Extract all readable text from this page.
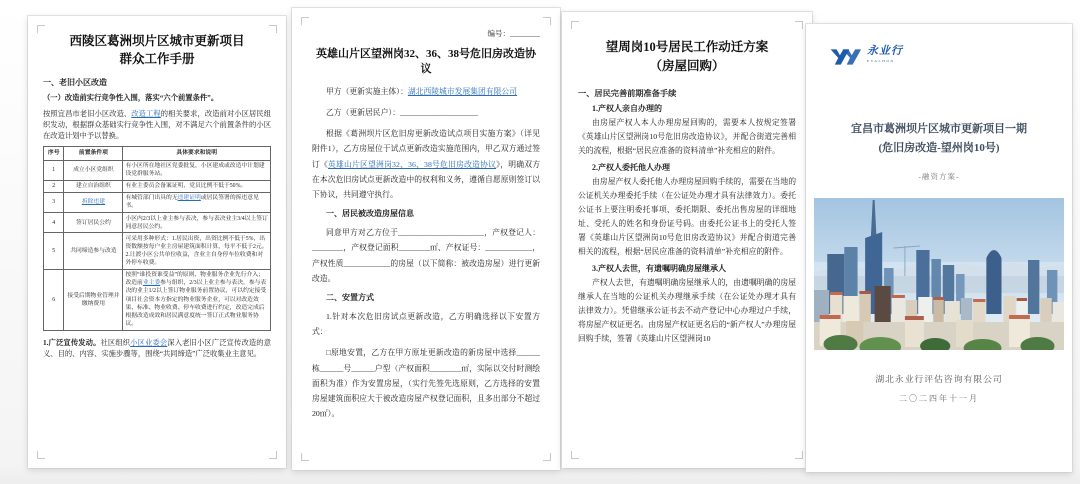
西陵区葛洲坝片区城市更新项目
群众工作手册
一、老旧小区改造
（一）改造前实行竞争性入围，落实“六个前置条件”。
按照宜昌市老旧小区改造、改造工程的相关要求，改造前对小区居民组织发动，根据群众基础实行竞争性入围，对不满足六个前置条件的小区在改造计划中予以替换。
序号	前置条件项	具体要求和说明
1	成立小区党组织	有小区所在地社区党委批复，小区建成或改造中计划建设党群服务站。
2	建立自治组织	有业主委员会备案证明，党员比例不低于50%。
3	拆除违建	有城管部门出具的无违建证明或居民签署的拆违意见书。
4	签订居民公约	小区内2/3以上业主参与表决，参与表决业主3/4以上签订同意居民公约。
5	共同缔造参与改造	可采用多种形式：1.居民出资，出资比例不低于5%，出资数额按每户业主房屋建筑面积计算，每平不低于2元。2.让渡小区公共单位收益，含业主自身停车位收费和对外停车收费。
6	接受后期物业管理并缴纳费用	按照“谁投资谁受益”的原则，物业服务企业先行介入；改造前业主委参与组织，2/3以上业主参与表决，参与表决的业主1/2以上签订物业服务前置协议，可以约定接受项目社会资本方指定的物业服务企业，可以对改造效果、标准、物业收费、停车收费进行约定，改造完成后根据改造成效和居民满意度统一签订正式物业服务协议。
1.广泛宣传发动。社区组织小区业委会深入老旧小区广泛宣传改造的意义、目的、内容、实施步骤等，围绕“共同缔造”广泛收集业主意见。
编号：________
英雄山片区望洲岗32、36、38号危旧房改造协议
甲方（更新实施主体）：湖北西陵城市发展集团有限公司
乙方（更新居民户）：____________________
根据《葛洲坝片区危旧房更新改造试点项目实施方案》（详见附件1），乙方房屋位于试点更新改造实施范围内，甲乙双方通过签订《英雄山片区望洲岗32、36、38号危旧房改造协议》，明确双方在本次危旧房试点更新改造中的权利和义务，遵循自愿原则签订以下协议，共同遵守执行。
一、居民被改造房屋信息
同意甲方对乙方位于______________________，产权登记人：________，产权登记面积________㎡、产权证号：____________，产权性质____________的房屋（以下简称：被改造房屋）进行更新改造。
二、安置方式
1.针对本次危旧房试点更新改造，乙方明确选择以下安置方式：
□原地安置，乙方在甲方原址更新改造的新房屋中选择______栋______号______户型（产权面积________㎡，实际以交付时测绘面积为准）作为安置房屋，（实行先签先选原则，乙方选择的安置房屋建筑面积应大于被改造房屋产权登记面积，且多出部分不超过20㎡）。
望周岗10号居民工作动迁方案
（房屋回购）
一、居民完善前期准备手续
1.产权人亲自办理的
由房屋产权人本人办理房屋回购的，需要本人按规定签署《英雄山片区望洲岗10号危旧房改造协议》，并配合街道完善相关的流程，根据“居民应准备的资料清单”补充相应的附件。
2.产权人委托他人办理
由房屋产权人委托他人办理房屋回购手续的，需要在当地的公证机关办理委托手续（在公证处办理才具有法律效力）。委托公证书上要注明委托事项、委托期限、委托出售房屋的详细地址、受托人的姓名和身份证号码。由委托公证书上的受托人签署《英雄山片区望洲岗10号危旧房改造协议》并配合街道完善相关的流程，根据“居民应准备的资料清单”补充相应的附件。
3.产权人去世，有遗嘱明确房屋继承人
产权人去世，有遗嘱明确房屋继承人的，由遗嘱明确的房屋继承人在当地的公证机关办理继承手续（在公证处办理才具有法律效力）。凭借继承公证书去不动产登记中心办理过户手续，将房屋产权证更名。由房屋产权证更名后的“新产权人”办理房屋回购手续，签署《英雄山片区望洲岗10
永业行
EVALHON
宜昌市葛洲坝片区城市更新项目一期
(危旧房改造-望州岗10号)
-融资方案-
湖北永业行评估咨询有限公司
二〇二四年十一月
